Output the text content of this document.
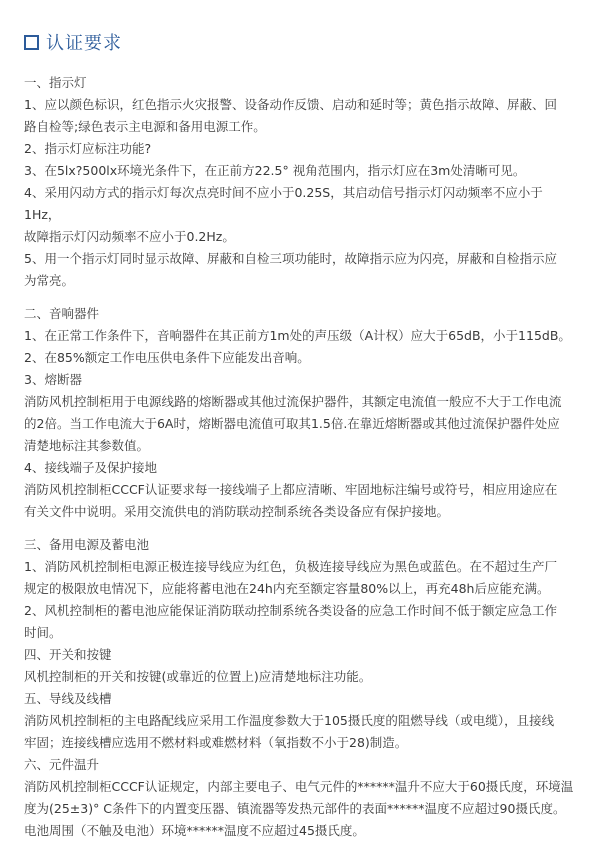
认证要求

一、指示灯

1、应以颜色标识，红色指示火灾报警、设备动作反馈、启动和延时等；黄色指示故障、屏蔽、回

路自检等;绿色表示主电源和备用电源工作。

2、指示灯应标注功能?

3、在5lx?500lx环境光条件下，在正前方22.5° 视角范围内，指示灯应在3m处清晰可见。

4、采用闪动方式的指示灯每次点亮时间不应小于0.25S，其启动信号指示灯闪动频率不应小于1Hz，

故障指示灯闪动频率不应小于0.2Hz。

5、用一个指示灯同时显示故障、屏蔽和自检三项功能时，故障指示应为闪亮，屏蔽和自检指示应

为常亮。

二、音响器件

1、在正常工作条件下，音响器件在其正前方1m处的声压级（A计权）应大于65dB，小于115dB。

2、在85%额定工作电压供电条件下应能发出音响。

3、熔断器

消防风机控制柜用于电源线路的熔断器或其他过流保护器件，其额定电流值一般应不大于工作电流

的2倍。当工作电流大于6A时，熔断器电流值可取其1.5倍.在靠近熔断器或其他过流保护器件处应

清楚地标注其参数值。

4、接线端子及保护接地

消防风机控制柜CCCF认证要求每一接线端子上都应清晰、牢固地标注编号或符号，相应用途应在

有关文件中说明。采用交流供电的消防联动控制系统各类设备应有保护接地。

三、备用电源及蓄电池

1、消防风机控制柜电源正极连接导线应为红色，负极连接导线应为黑色或蓝色。在不超过生产厂

规定的极限放电情况下，应能将蓄电池在24h内充至额定容量80%以上，再充48h后应能充满。

2、风机控制柜的蓄电池应能保证消防联动控制系统各类设备的应急工作时间不低于额定应急工作

时间。

四、开关和按键

风机控制柜的开关和按键(或靠近的位置上)应清楚地标注功能。

五、导线及线槽

消防风机控制柜的主电路配线应采用工作温度参数大于105摄氏度的阻燃导线（或电缆），且接线

牢固；连接线槽应选用不燃材料或难燃材料（氧指数不小于28)制造。

六、元件温升

消防风机控制柜CCCF认证规定，内部主要电子、电气元件的******温升不应大于60摄氏度，环境温

度为(25±3)° C条件下的内置变压器、镇流器等发热元部件的表面******温度不应超过90摄氏度。

电池周围（不触及电池）环境******温度不应超过45摄氏度。
